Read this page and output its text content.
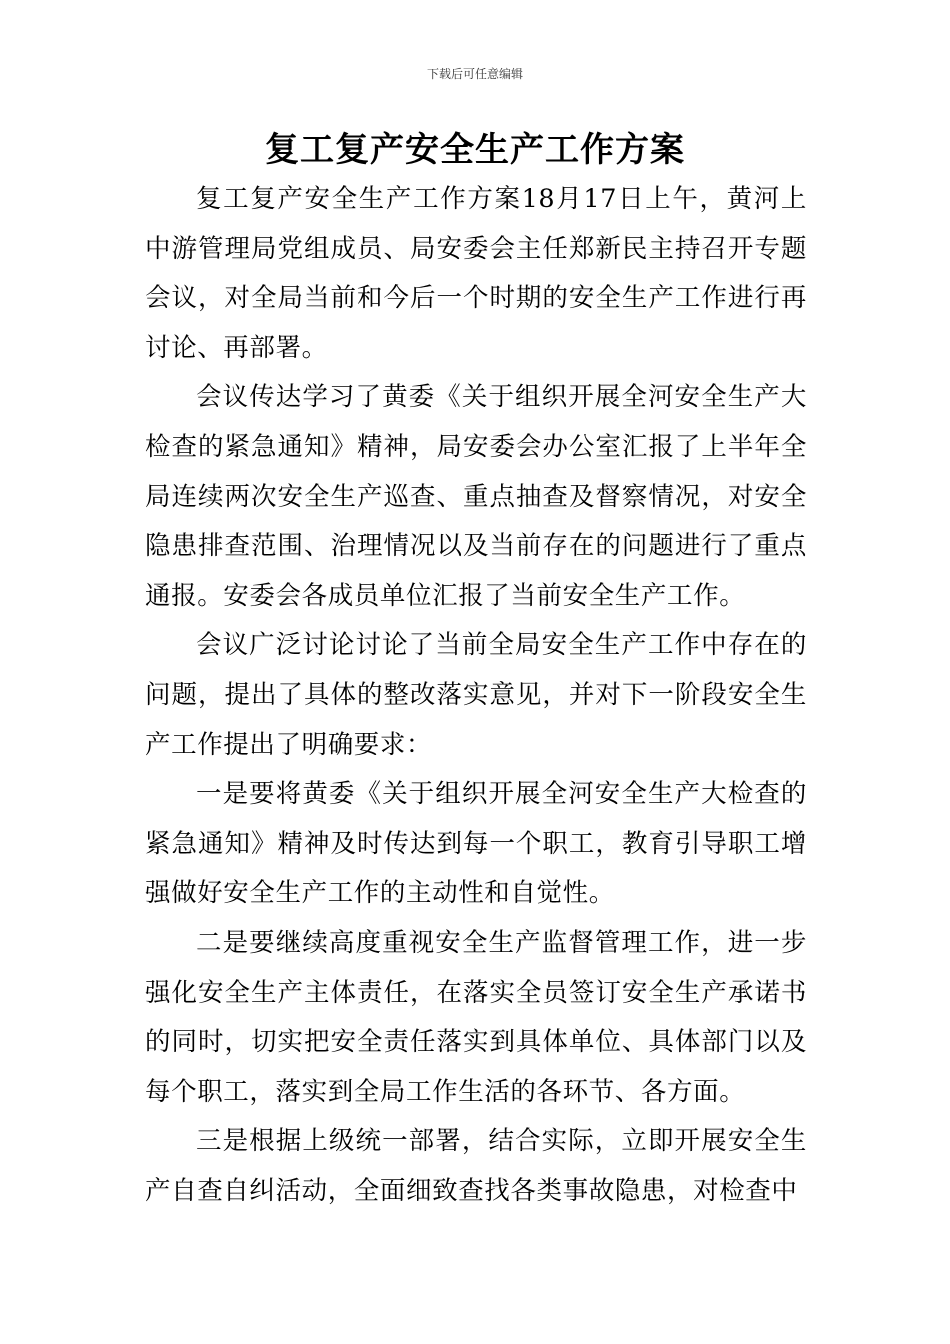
下载后可任意编辑
复工复产安全生产工作方案

复工复产安全生产工作方案18月17日上午，黄河上中游管理局党组成员、局安委会主任郑新民主持召开专题会议，对全局当前和今后一个时期的安全生产工作进行再讨论、再部署。

会议传达学习了黄委《关于组织开展全河安全生产大检查的紧急通知》精神，局安委会办公室汇报了上半年全局连续两次安全生产巡查、重点抽查及督察情况，对安全隐患排查范围、治理情况以及当前存在的问题进行了重点通报。安委会各成员单位汇报了当前安全生产工作。

会议广泛讨论讨论了当前全局安全生产工作中存在的问题，提出了具体的整改落实意见，并对下一阶段安全生产工作提出了明确要求：

一是要将黄委《关于组织开展全河安全生产大检查的紧急通知》精神及时传达到每一个职工，教育引导职工增强做好安全生产工作的主动性和自觉性。

二是要继续高度重视安全生产监督管理工作，进一步强化安全生产主体责任，在落实全员签订安全生产承诺书的同时，切实把安全责任落实到具体单位、具体部门以及每个职工，落实到全局工作生活的各环节、各方面。

三是根据上级统一部署，结合实际，立即开展安全生产自查自纠活动，全面细致查找各类事故隐患，对检查中
